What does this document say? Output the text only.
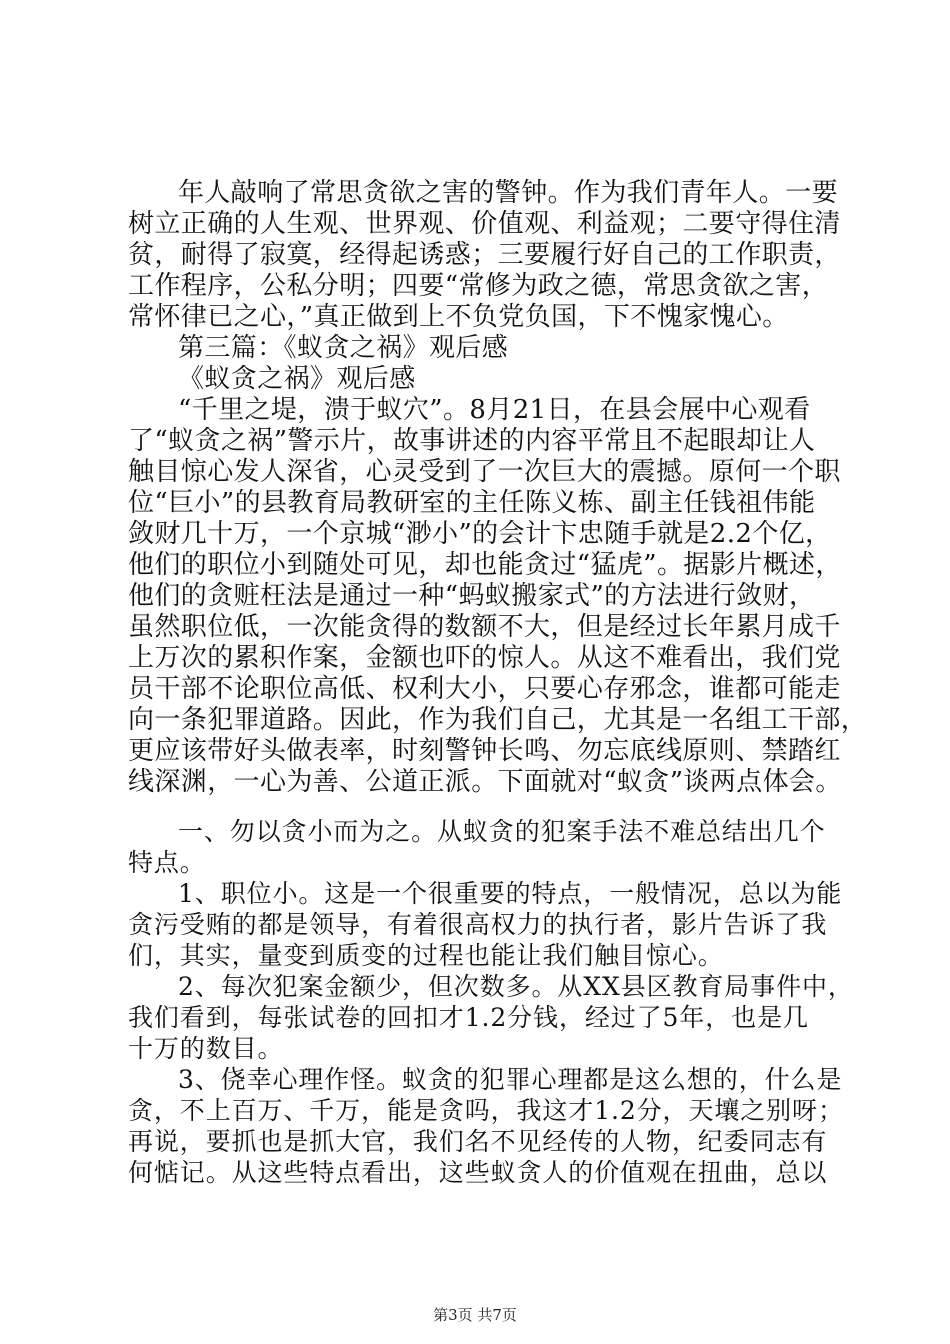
年人敲响了常思贪欲之害的警钟。作为我们青年人。一要
树立正确的人生观、世界观、价值观、利益观；二要守得住清
贫，耐得了寂寞，经得起诱惑；三要履行好自己的工作职责，
工作程序，公私分明；四要“常修为政之德，常思贪欲之害，
常怀律已之心，”真正做到上不负党负国，下不愧家愧心。
第三篇：《蚁贪之祸》观后感
《蚁贪之祸》观后感
“千里之堤，溃于蚁穴”。8月21日，在县会展中心观看
了“蚁贪之祸”警示片，故事讲述的内容平常且不起眼却让人
触目惊心发人深省，心灵受到了一次巨大的震撼。原何一个职
位“巨小”的县教育局教研室的主任陈义栋、副主任钱祖伟能
敛财几十万，一个京城“渺小”的会计卞忠随手就是2.2个亿，
他们的职位小到随处可见，却也能贪过“猛虎”。据影片概述，
他们的贪赃枉法是通过一种“蚂蚁搬家式”的方法进行敛财，
虽然职位低，一次能贪得的数额不大，但是经过长年累月成千
上万次的累积作案，金额也吓的惊人。从这不难看出，我们党
员干部不论职位高低、权利大小，只要心存邪念，谁都可能走
向一条犯罪道路。因此，作为我们自己，尤其是一名组工干部，
更应该带好头做表率，时刻警钟长鸣、勿忘底线原则、禁踏红
线深渊，一心为善、公道正派。下面就对“蚁贪”谈两点体会。
一、勿以贪小而为之。从蚁贪的犯案手法不难总结出几个
特点。
1、职位小。这是一个很重要的特点，一般情况，总以为能
贪污受贿的都是领导，有着很高权力的执行者，影片告诉了我
们，其实，量变到质变的过程也能让我们触目惊心。
2、每次犯案金额少，但次数多。从XX县区教育局事件中，
我们看到，每张试卷的回扣才1.2分钱，经过了5年，也是几
十万的数目。
3、侥幸心理作怪。蚁贪的犯罪心理都是这么想的，什么是
贪，不上百万、千万，能是贪吗，我这才1.2分，天壤之别呀；
再说，要抓也是抓大官，我们名不见经传的人物，纪委同志有
何惦记。从这些特点看出，这些蚁贪人的价值观在扭曲，总以
第3页 共7页
